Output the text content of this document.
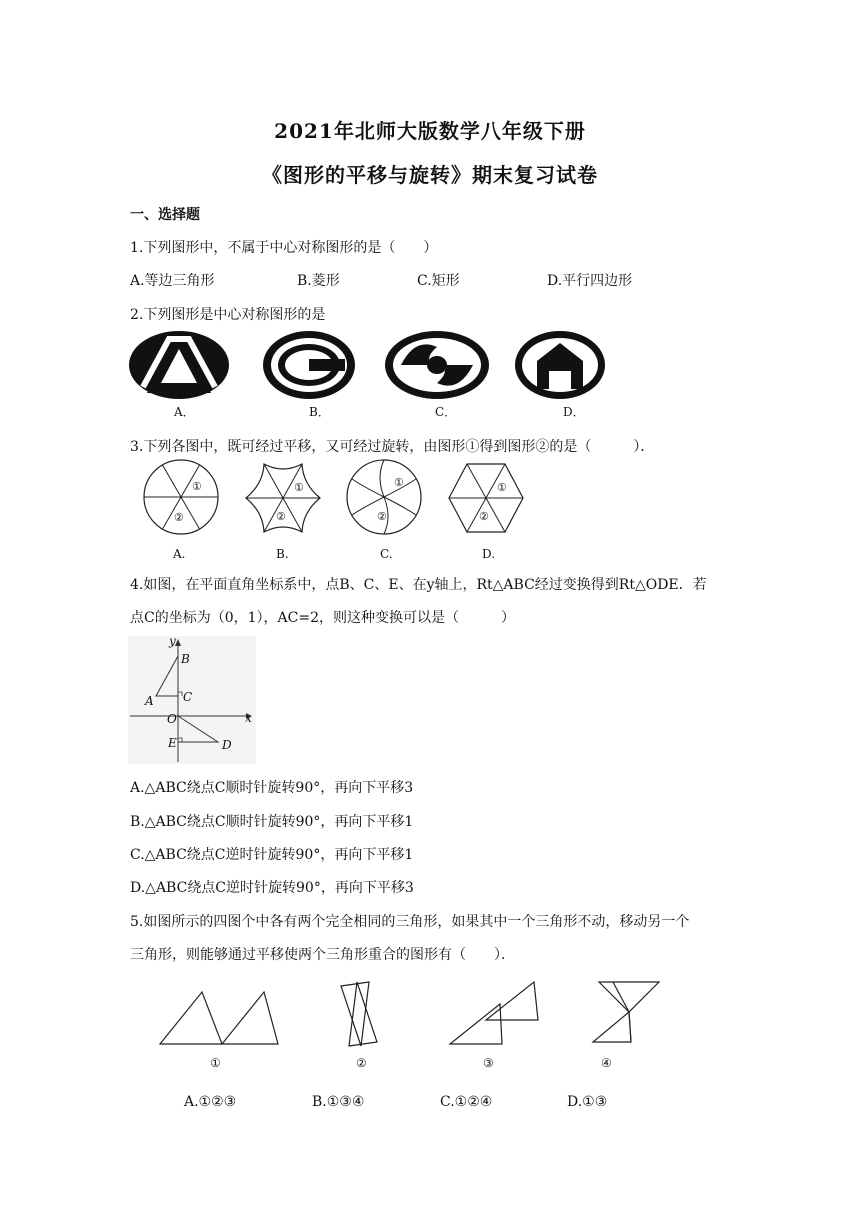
2021年北师大版数学八年级下册
《图形的平移与旋转》期末复习试卷
一、选择题
1.下列图形中，不属于中心对称图形的是（　　）
A.等边三角形	B.菱形	C.矩形	D.平行四边形
2.下列图形是中心对称图形的是
A．	B．	C．	D．
3.下列各图中，既可经过平移，又可经过旋转，由图形①得到图形②的是（　　　）．
①
②
①
②
①
②
①
②
A.	B.	C.	D.
4.如图，在平面直角坐标系中，点B、C、E、在y轴上，Rt△ABC经过变换得到Rt△ODE．若
点C的坐标为（0，1），AC=2，则这种变换可以是（　　　）
y
B
A C
O	x
E	D
A.△ABC绕点C顺时针旋转90°，再向下平移3
B.△ABC绕点C顺时针旋转90°，再向下平移1
C.△ABC绕点C逆时针旋转90°，再向下平移1
D.△ABC绕点C逆时针旋转90°，再向下平移3
5.如图所示的四图个中各有两个完全相同的三角形，如果其中一个三角形不动，移动另一个
三角形，则能够通过平移使两个三角形重合的图形有（　　）．
①	②	③	④
A.①②③	B.①③④	C.①②④	D.①③
